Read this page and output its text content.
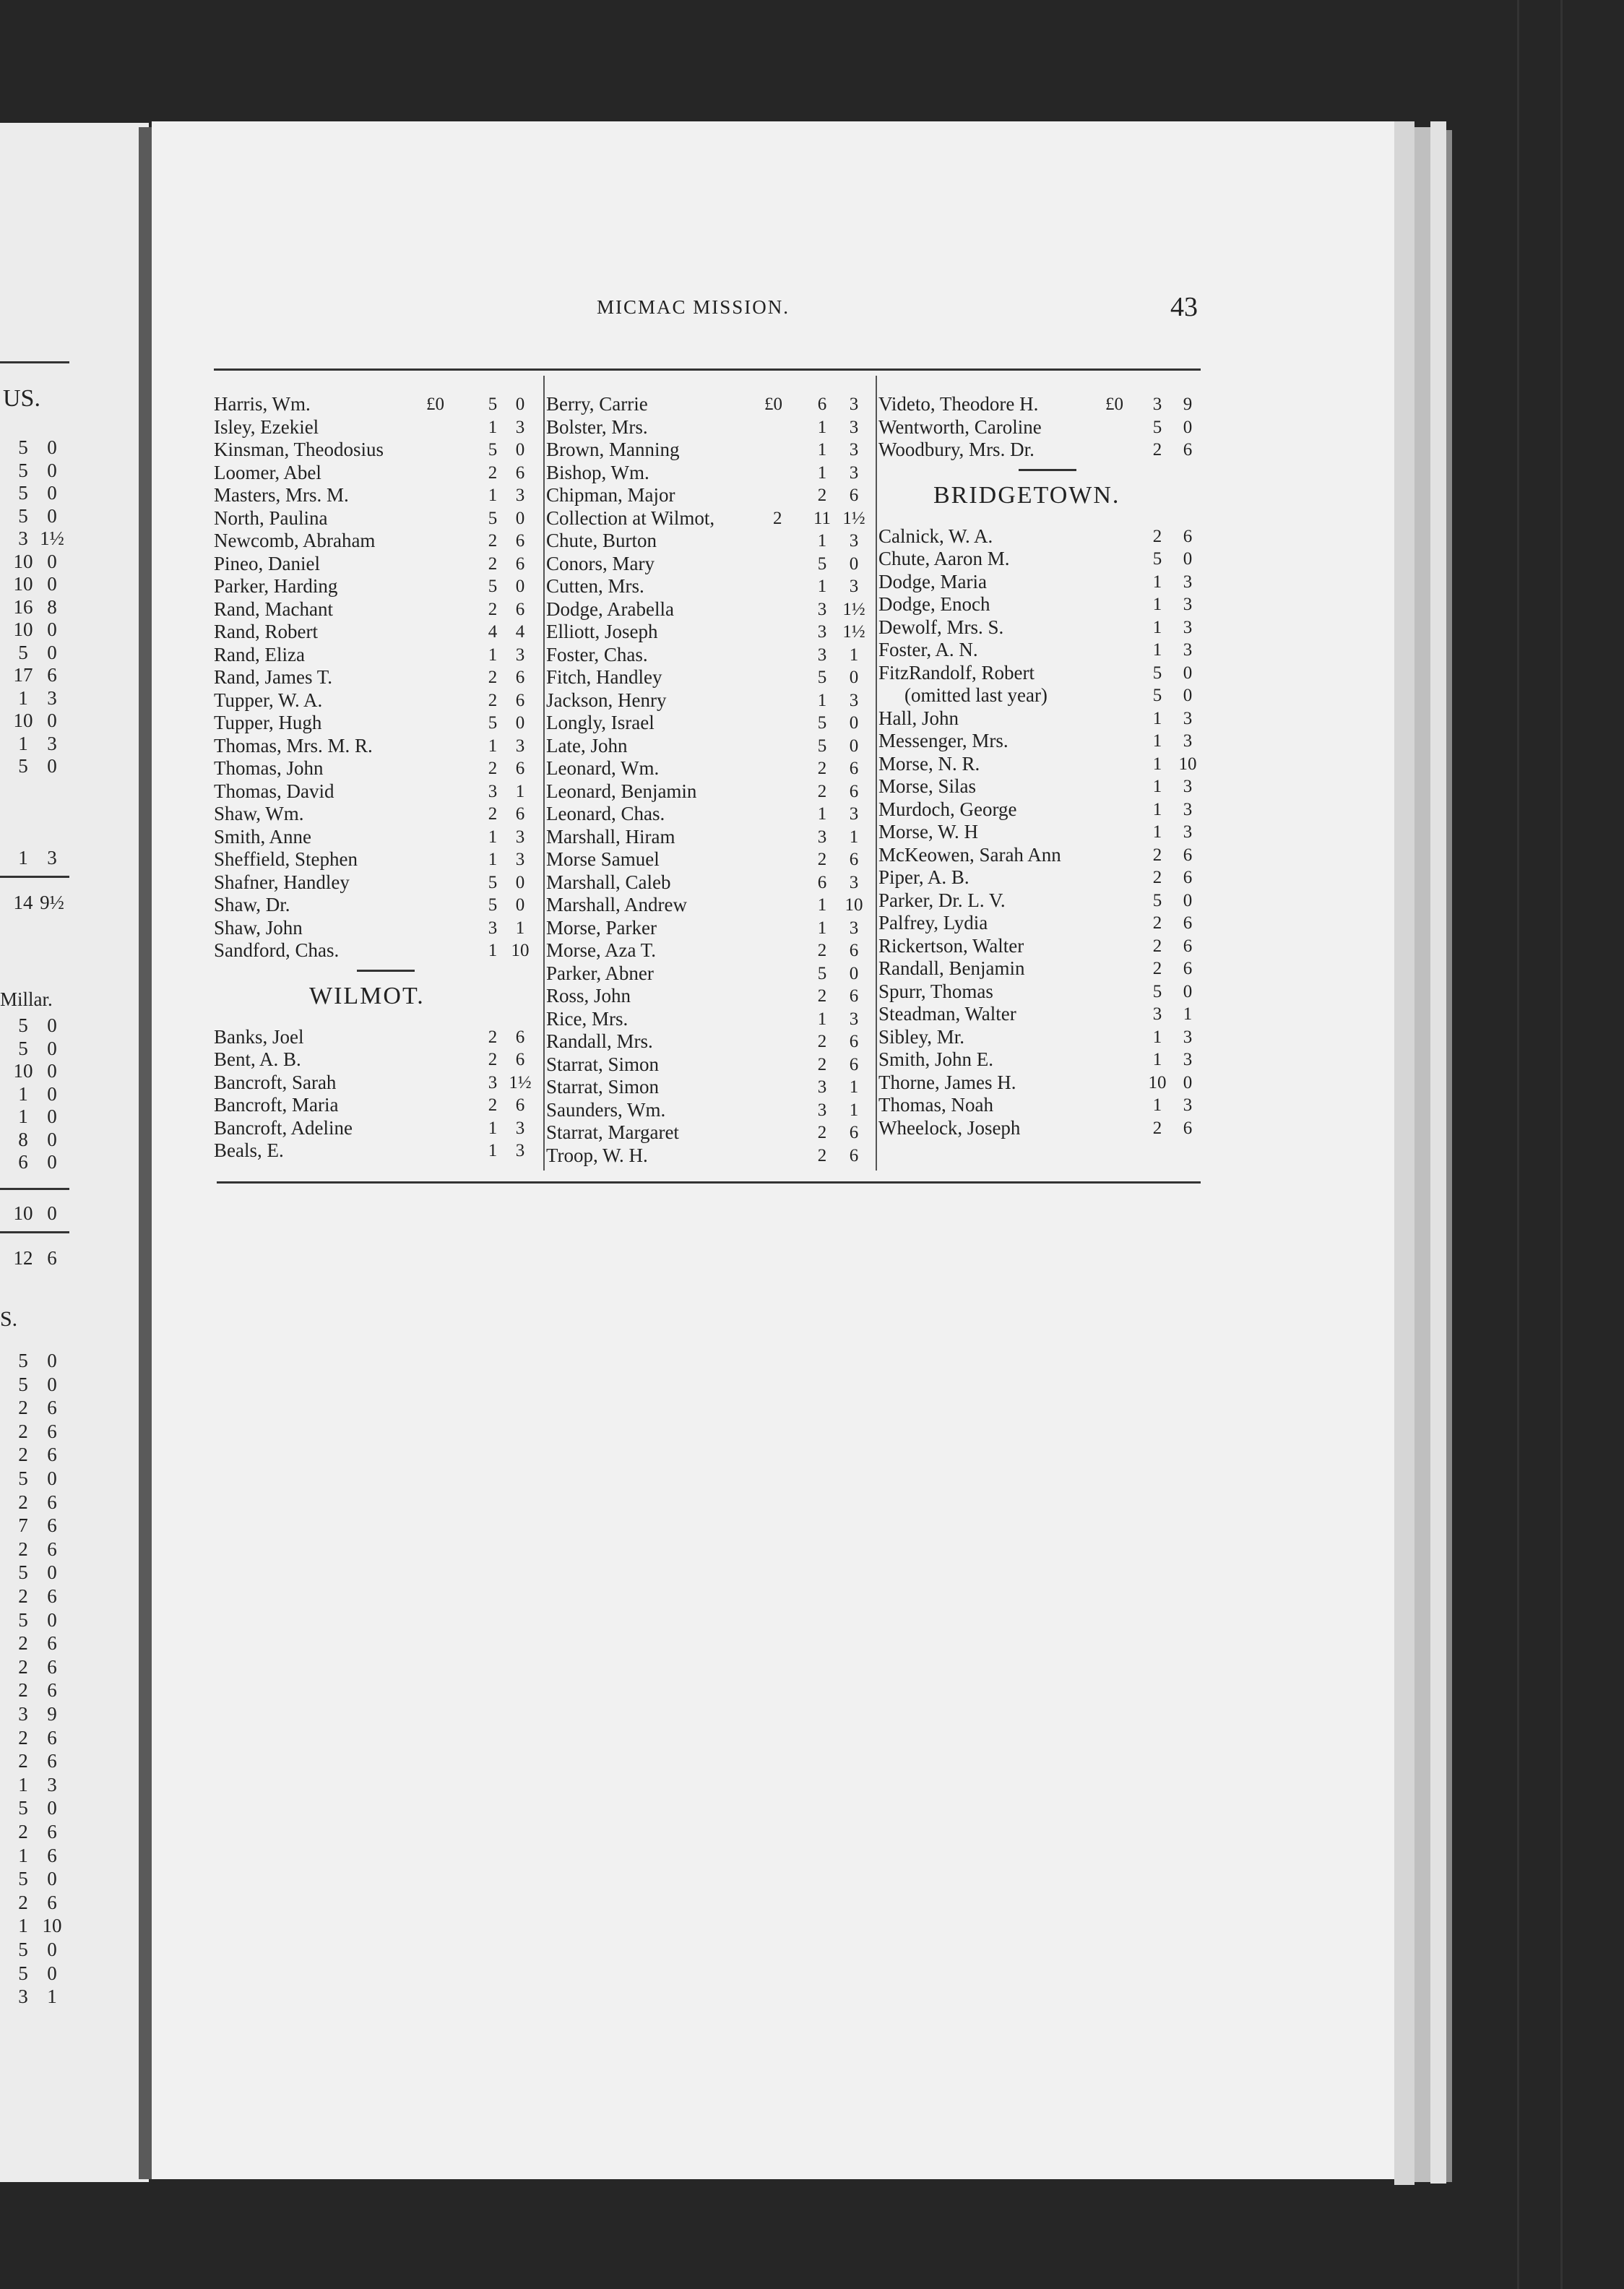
US.
5 0
5 0
5 0
5 0
3 1½
10 0
10 0
16 8
10 0
5 0
17 6
1 3
10 0
1 3
5 0
1 3
14 9½
Millar.
5 0
5 0
10 0
1 0
1 0
8 0
6 0
10 0
12 6
S.
5 0
5 0
2 6
2 6
2 6
5 0
2 6
7 6
2 6
5 0
2 6
5 0
2 6
2 6
2 6
3 9
2 6
2 6
1 3
5 0
2 6
1 6
5 0
2 6
1 10
5 0
5 0
3 1
MICMAC MISSION.	43
Harris, Wm.	£0	5	0
Isley, Ezekiel	1	3
Kinsman, Theodosius	5	0
Loomer, Abel	2	6
Masters, Mrs. M.	1	3
North, Paulina	5	0
Newcomb, Abraham	2	6
Pineo, Daniel	2	6
Parker, Harding	5	0
Rand, Machant	2	6
Rand, Robert	4	4
Rand, Eliza	1	3
Rand, James T.	2	6
Tupper, W. A.	2	6
Tupper, Hugh	5	0
Thomas, Mrs. M. R.	1	3
Thomas, John	2	6
Thomas, David	3	1
Shaw, Wm.	2	6
Smith, Anne	1	3
Sheffield, Stephen	1	3
Shafner, Handley	5	0
Shaw, Dr.	5	0
Shaw, John	3	1
Sandford, Chas.	1 10
WILMOT.
Banks, Joel	2	6
Bent, A. B.	2	6
Bancroft, Sarah	3 1½
Bancroft, Maria	2	6
Bancroft, Adeline	1	3
Beals, E.	1	3
Berry, Carrie	£0	6	3
Bolster, Mrs.	1	3
Brown, Manning	1	3
Bishop, Wm.	1	3
Chipman, Major	2	6
Collection at Wilmot,	2	11 1½
Chute, Burton	1	3
Conors, Mary	5	0
Cutten, Mrs.	1	3
Dodge, Arabella	3 1½
Elliott, Joseph	3 1½
Foster, Chas.	3	1
Fitch, Handley	5	0
Jackson, Henry	1	3
Longly, Israel	5	0
Late, John	5	0
Leonard, Wm.	2	6
Leonard, Benjamin	2	6
Leonard, Chas.	1	3
Marshall, Hiram	3	1
Morse Samuel	2	6
Marshall, Caleb	6	3
Marshall, Andrew	1	10
Morse, Parker	1	3
Morse, Aza T.	2	6
Parker, Abner	5	0
Ross, John	2	6
Rice, Mrs.	1	3
Randall, Mrs.	2	6
Starrat, Simon	2	6
Starrat, Simon	3	1
Saunders, Wm.	3	1
Starrat, Margaret	2	6
Troop, W. H.	2	6
Videto, Theodore H.	£0	3	9
Wentworth, Caroline	5	0
Woodbury, Mrs. Dr.	2	6
BRIDGETOWN.
Calnick, W. A.	2	6
Chute, Aaron M.	5	0
Dodge, Maria	1	3
Dodge, Enoch	1	3
Dewolf, Mrs. S.	1	3
Foster, A. N.	1	3
FitzRandolf, Robert	5	0
(omitted last year)	5	0
Hall, John	1	3
Messenger, Mrs.	1	3
Morse, N. R.	1 10
Morse, Silas	1	3
Murdoch, George	1	3
Morse, W. H	1	3
McKeowen, Sarah Ann	2	6
Piper, A. B.	2	6
Parker, Dr. L. V.	5	0
Palfrey, Lydia	2	6
Rickertson, Walter	2	6
Randall, Benjamin	2	6
Spurr, Thomas	5	0
Steadman, Walter	3	1
Sibley, Mr.	1	3
Smith, John E.	1	3
Thorne, James H.	10 0
Thomas, Noah	1	3
Wheelock, Joseph	2	6
